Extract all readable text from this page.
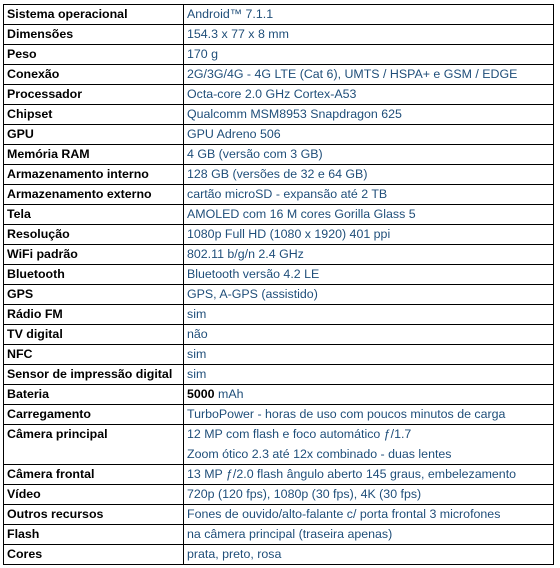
Sistema operacional	Android™ 7.1.1
Dimensões	154.3 x 77 x 8 mm
Peso	170 g
Conexão	2G/3G/4G - 4G LTE (Cat 6), UMTS / HSPA+ e GSM / EDGE
Processador	Octa-core 2.0 GHz Cortex-A53
Chipset	Qualcomm MSM8953 Snapdragon 625
GPU	GPU Adreno 506
Memória RAM	4 GB (versão com 3 GB)
Armazenamento interno	128 GB (versões de 32 e 64 GB)
Armazenamento externo	cartão microSD - expansão até 2 TB
Tela	AMOLED com 16 M cores Gorilla Glass 5
Resolução	1080p Full HD (1080 x 1920) 401 ppi
WiFi padrão	802.11 b/g/n 2.4 GHz
Bluetooth	Bluetooth versão 4.2 LE
GPS	GPS, A-GPS (assistido)
Rádio FM	sim
TV digital	não
NFC	sim
Sensor de impressão digital	sim
Bateria	5000 mAh
Carregamento	TurboPower - horas de uso com poucos minutos de carga
Câmera principal	12 MP com flash e foco automático ƒ/1.7
Zoom ótico 2.3 até 12x combinado - duas lentes

Câmera frontal	13 MP ƒ/2.0 flash ângulo aberto 145 graus, embelezamento
Vídeo	720p (120 fps), 1080p (30 fps), 4K (30 fps)
Outros recursos	Fones de ouvido/alto-falante c/ porta frontal 3 microfones
Flash	na câmera principal (traseira apenas)
Cores	prata, preto, rosa
